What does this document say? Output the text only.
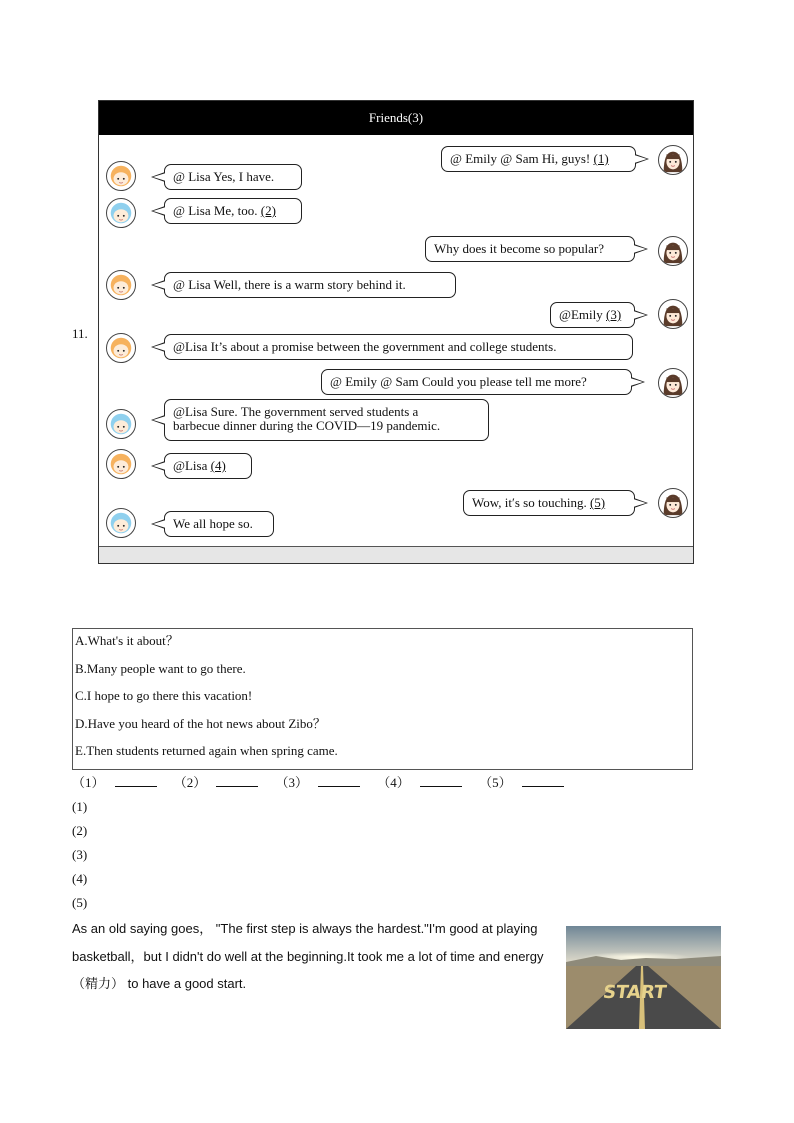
11.
Friends(3)
@ Emily @ Sam Hi, guys! (1)
@ Lisa Yes, I have.
@ Lisa Me, too. (2)
Why does it become so popular?
@ Lisa Well, there is a warm story behind it.
@Emily (3)
@Lisa It’s about a promise between the government and college students.
@ Emily @ Sam Could you please tell me more?
@Lisa Sure. The government served students a
barbecue dinner during the COVID—19 pandemic.
@Lisa (4)
Wow, it′s so touching. (5)
We all hope so.
A.What's it about？
B.Many people want to go there.
C.I hope to go there this vacation!
D.Have you heard of the hot news about Zibo？
E.Then students returned again when spring came.
（1）	（2）	（3）	（4）	（5）
(1)
(2)
(3)
(4)
(5)
As an old saying goes， "The first step is always the hardest."I'm good at playing
basketball，but I didn't do well at the beginning.It took me a lot of time and energy
（精力） to have a good start.	START
